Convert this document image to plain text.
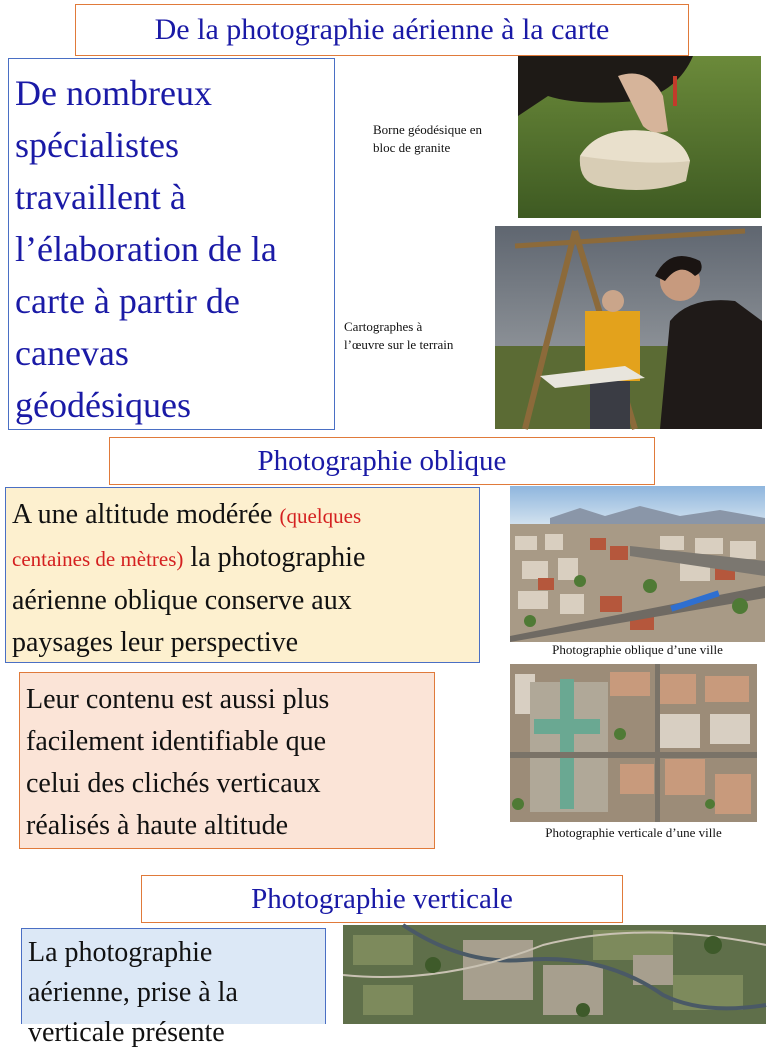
De la photographie aérienne à la carte
De nombreux
spécialistes
travaillent à
l’élaboration de la
carte à partir de
canevas
géodésiques
Borne géodésique en
bloc de granite
Cartographes à
l’œuvre sur le terrain
Photographie oblique
A une altitude modérée (quelques
centaines de mètres) la photographie
aérienne oblique conserve aux
paysages leur perspective	Photographie oblique d’une ville
Leur contenu est aussi plus
facilement identifiable que
celui des clichés verticaux
réalisés à haute altitude	Photographie verticale d’une ville
Photographie verticale
La photographie
aérienne, prise à la
verticale présente
